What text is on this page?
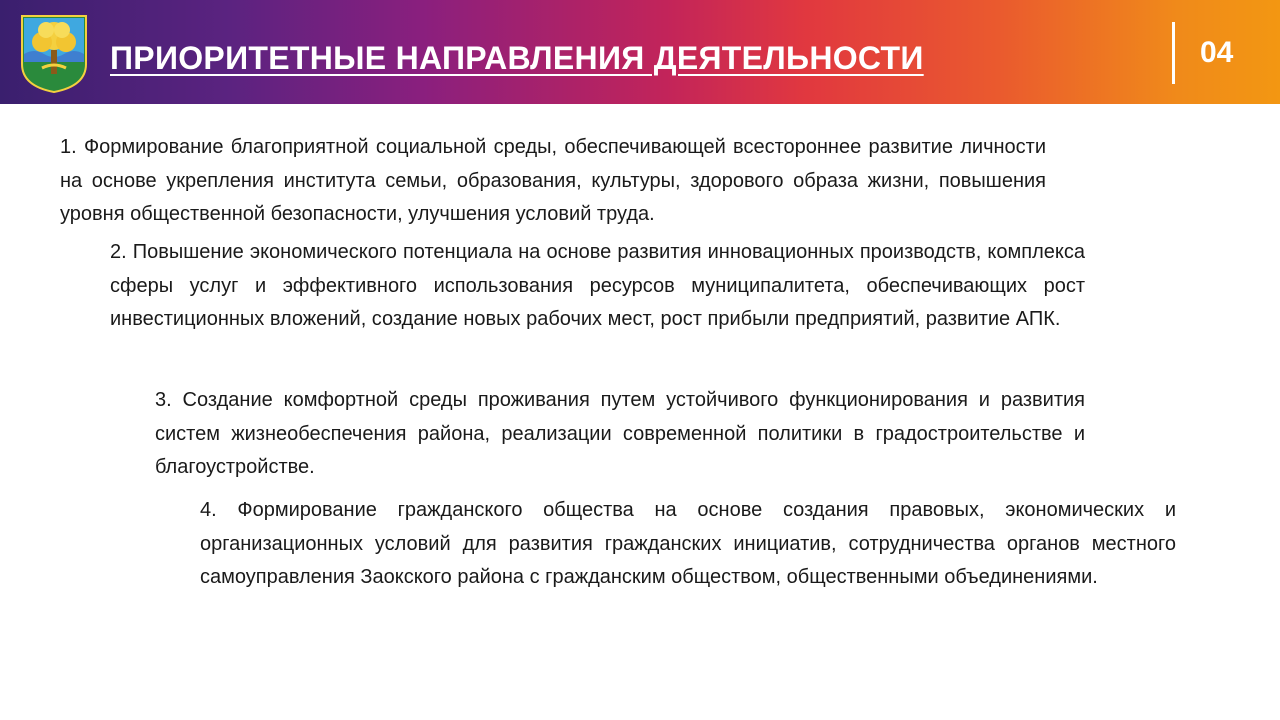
ПРИОРИТЕТНЫЕ НАПРАВЛЕНИЯ ДЕЯТЕЛЬНОСТИ	04

1. Формирование благоприятной социальной среды, обеспечивающей всестороннее развитие личности на основе укрепления института семьи, образования, культуры, здорового образа жизни, повышения уровня общественной безопасности, улучшения условий труда.

2. Повышение экономического потенциала на основе развития инновационных производств, комплекса сферы услуг и эффективного использования ресурсов муниципалитета, обеспечивающих рост инвестиционных вложений, создание новых рабочих мест, рост прибыли предприятий, развитие АПК.

3. Создание комфортной среды проживания путем устойчивого функционирования и развития систем жизнеобеспечения района, реализации современной политики в градостроительстве и благоустройстве.

4. Формирование гражданского общества на основе создания правовых, экономических и организационных условий для развития гражданских инициатив, сотрудничества органов местного самоуправления Заокского района с гражданским обществом, общественными объединениями.
